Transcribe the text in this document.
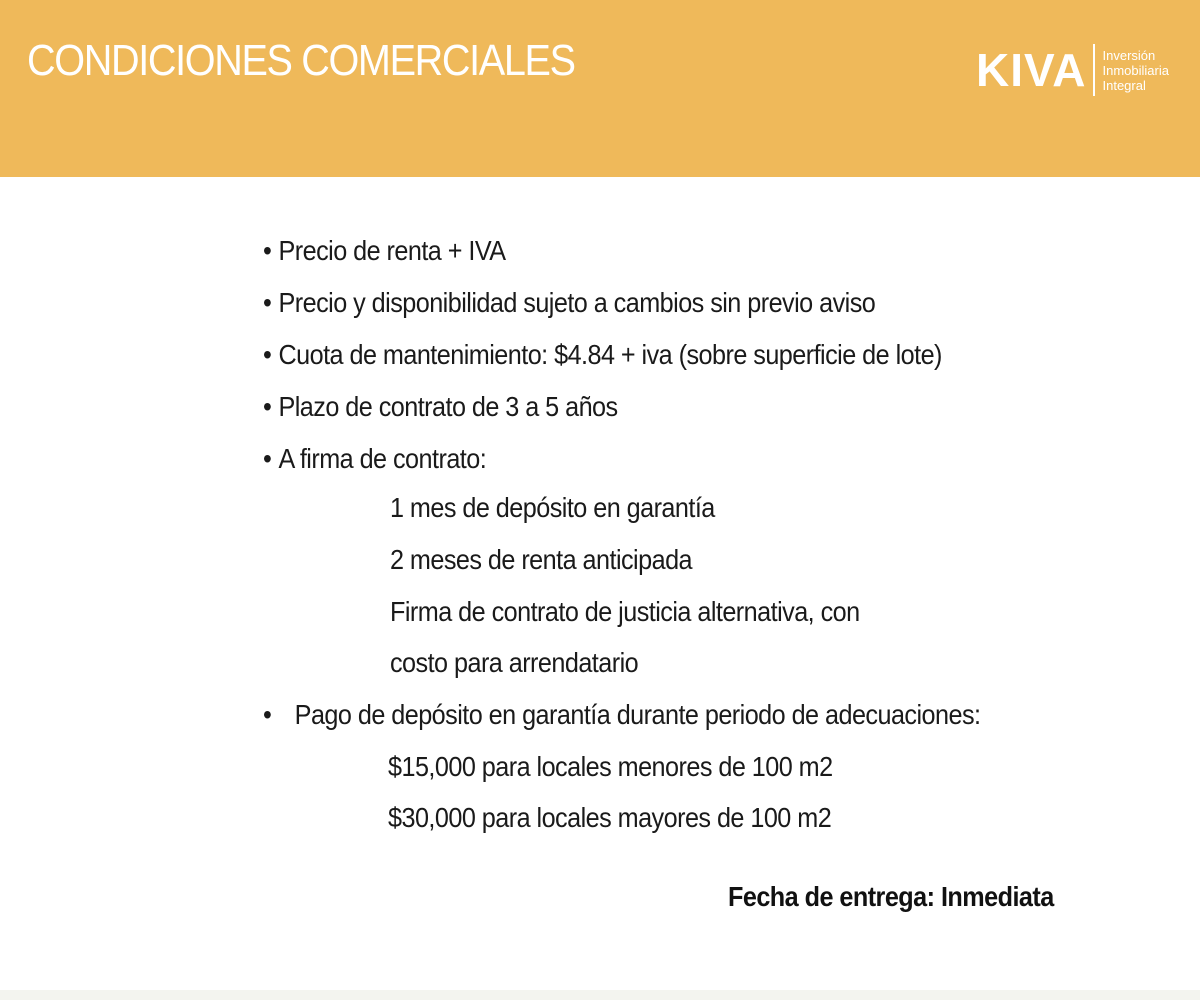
CONDICIONES COMERCIALES	KIVA Inversión
Inmobiliaria
Integral
• Precio de renta + IVA
• Precio y disponibilidad sujeto a cambios sin previo aviso
• Cuota de mantenimiento: $4.84 + iva (sobre superficie de lote)
• Plazo de contrato de 3 a 5 años
• A firma de contrato:
1 mes de depósito en garantía
2 meses de renta anticipada
Firma de contrato de justicia alternativa, con
costo para arrendatario
• Pago de depósito en garantía durante periodo de adecuaciones:
$15,000 para locales menores de 100 m2
$30,000 para locales mayores de 100 m2
Fecha de entrega: Inmediata
